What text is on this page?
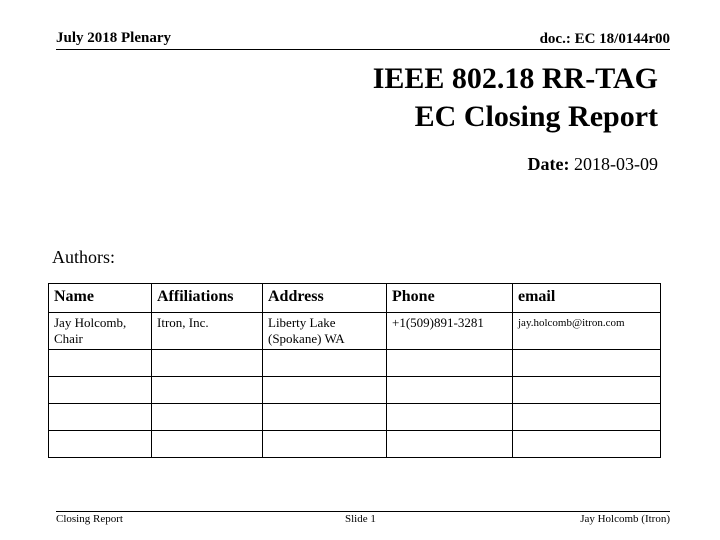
July 2018 Plenary	doc.: EC 18/0144r00
IEEE 802.18 RR-TAG
EC Closing Report
Date: 2018-03-09
Authors:
Name	Affiliations	Address	Phone	email
Jay Holcomb, Chair	Itron, Inc.	Liberty Lake (Spokane) WA	+1(509)891-3281	jay.holcomb@itron.com

Closing Report	Slide 1	Jay Holcomb (Itron)
